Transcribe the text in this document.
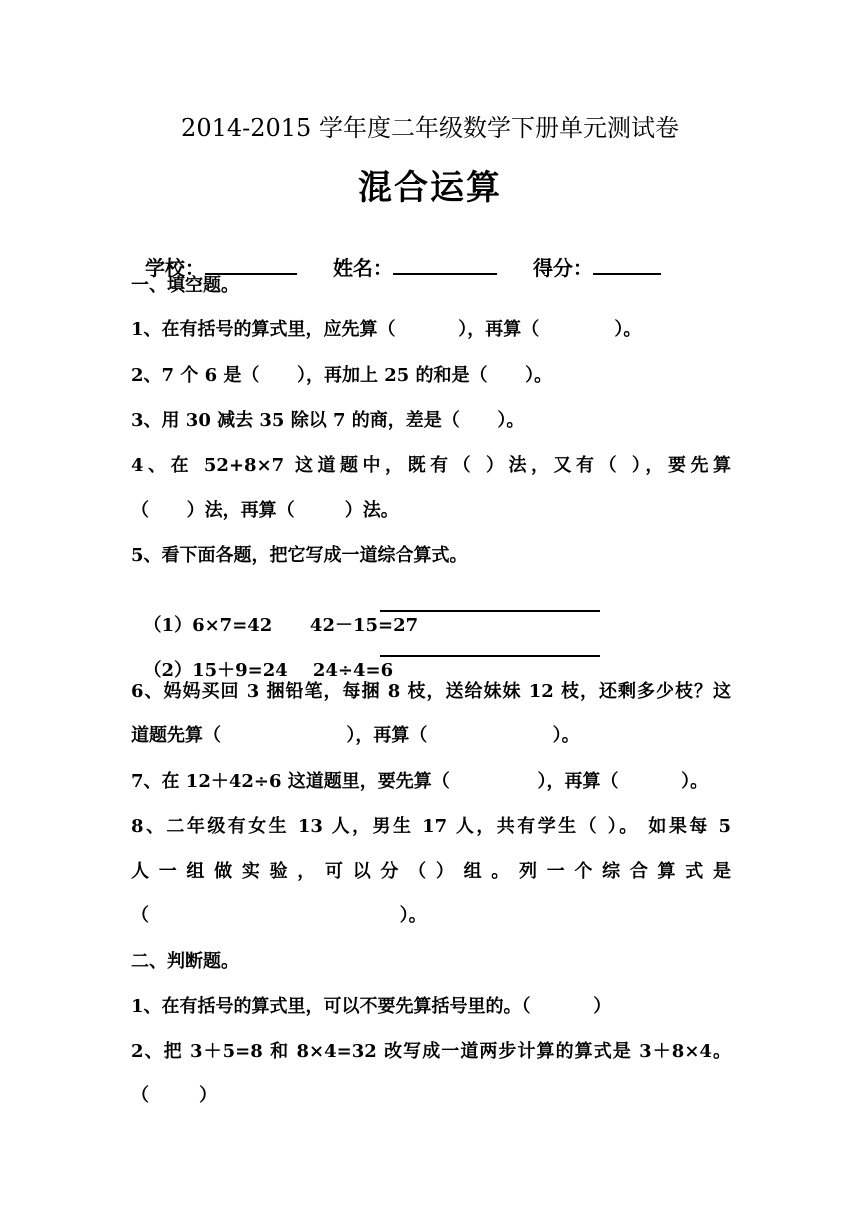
2014-2015 学年度二年级数学下册单元测试卷
混合运算

学校：	姓名：	得分：

一、填空题。
1、在有括号的算式里，应先算（          ），再算（            ）。
2、7 个 6 是（      ），再加上 25 的和是（      ）。
3、用 30 减去 35 除以 7 的商，差是（      ）。
4、在 52+8×7 这道题中，既有（ ）法，又有（ ），要先算
（      ）法，再算（        ）法。
5、看下面各题，把它写成一道综合算式。

（1）6×7=42      42－15=27

（2）15＋9=24    24÷4=6

6、妈妈买回 3 捆铅笔，每捆 8 枝，送给妹妹 12 枝，还剩多少枝？这
道题先算（                    ），再算（                    ）。
7、在 12＋42÷6 这道题里，要先算（              ），再算（          ）。
8、二年级有女生 13 人，男生 17 人，共有学生（ ）。 如果每 5
人 一 组 做 实 验 ， 可 以 分 （ ） 组 。 列 一 个 综 合 算 式 是
（                                        ）。
二、判断题。
1、在有括号的算式里，可以不要先算括号里的。（          ）
2、把 3＋5=8 和 8×4=32 改写成一道两步计算的算式是 3＋8×4。
（        ）
